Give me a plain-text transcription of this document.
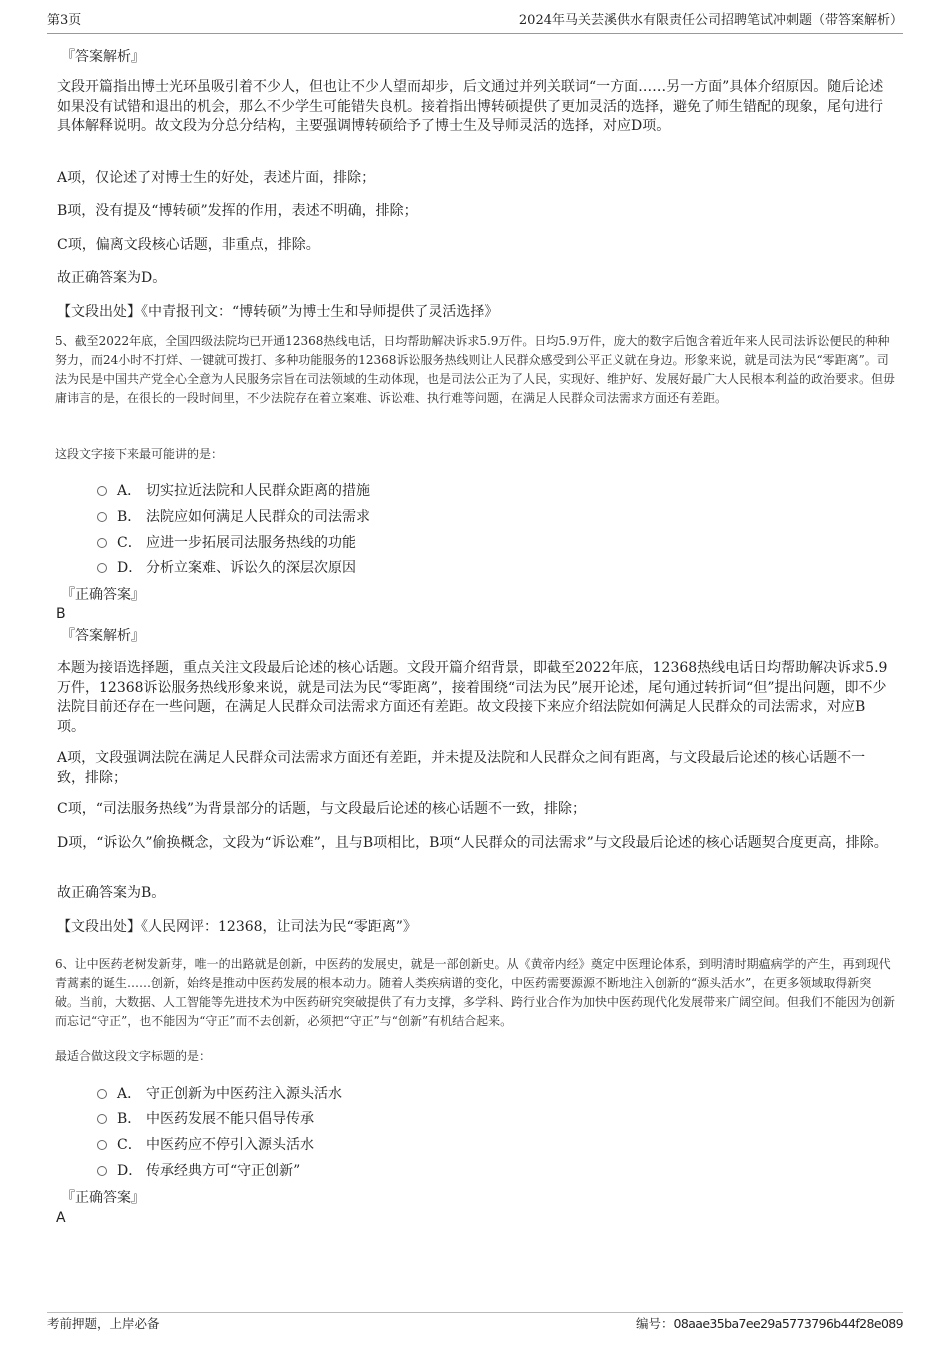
第3页	2024年马关芸溪供水有限责任公司招聘笔试冲刺题（带答案解析）

『答案解析』

文段开篇指出博士光环虽吸引着不少人，但也让不少人望而却步，后文通过并列关联词“一方面……另一方面”具体介绍原因。随后论述如果没有试错和退出的机会，那么不少学生可能错失良机。接着指出博转硕提供了更加灵活的选择，避免了师生错配的现象，尾句进行具体解释说明。故文段为分总分结构，主要强调博转硕给予了博士生及导师灵活的选择，对应D项。

A项，仅论述了对博士生的好处，表述片面，排除；

B项，没有提及“博转硕”发挥的作用，表述不明确，排除；

C项，偏离文段核心话题，非重点，排除。

故正确答案为D。

【文段出处】《中青报刊文：“博转硕”为博士生和导师提供了灵活选择》

5、截至2022年底，全国四级法院均已开通12368热线电话，日均帮助解决诉求5.9万件。日均5.9万件，庞大的数字后饱含着近年来人民司法诉讼便民的种种努力，而24小时不打烊、一键就可拨打、多种功能服务的12368诉讼服务热线则让人民群众感受到公平正义就在身边。形象来说，就是司法为民“零距离”。司法为民是中国共产党全心全意为人民服务宗旨在司法领域的生动体现，也是司法公正为了人民，实现好、维护好、发展好最广大人民根本利益的政治要求。但毋庸讳言的是，在很长的一段时间里，不少法院存在着立案难、诉讼难、执行难等问题，在满足人民群众司法需求方面还有差距。

这段文字接下来最可能讲的是：

A． 切实拉近法院和人民群众距离的措施
B． 法院应如何满足人民群众的司法需求
C． 应进一步拓展司法服务热线的功能
D． 分析立案难、诉讼久的深层次原因

『正确答案』

B

『答案解析』

本题为接语选择题，重点关注文段最后论述的核心话题。文段开篇介绍背景，即截至2022年底，12368热线电话日均帮助解决诉求5.9万件，12368诉讼服务热线形象来说，就是司法为民“零距离”，接着围绕“司法为民”展开论述，尾句通过转折词“但”提出问题，即不少法院目前还存在一些问题，在满足人民群众司法需求方面还有差距。故文段接下来应介绍法院如何满足人民群众的司法需求，对应B项。

A项，文段强调法院在满足人民群众司法需求方面还有差距，并未提及法院和人民群众之间有距离，与文段最后论述的核心话题不一致，排除；

C项，“司法服务热线”为背景部分的话题，与文段最后论述的核心话题不一致，排除；

D项，“诉讼久”偷换概念，文段为“诉讼难”，且与B项相比，B项“人民群众的司法需求”与文段最后论述的核心话题契合度更高，排除。

故正确答案为B。

【文段出处】《人民网评：12368，让司法为民“零距离”》

6、让中医药老树发新芽，唯一的出路就是创新，中医药的发展史，就是一部创新史。从《黄帝内经》奠定中医理论体系，到明清时期瘟病学的产生，再到现代青蒿素的诞生……创新，始终是推动中医药发展的根本动力。随着人类疾病谱的变化，中医药需要源源不断地注入创新的“源头活水”，在更多领域取得新突破。当前，大数据、人工智能等先进技术为中医药研究突破提供了有力支撑，多学科、跨行业合作为加快中医药现代化发展带来广阔空间。但我们不能因为创新而忘记“守正”，也不能因为“守正”而不去创新，必须把“守正”与“创新”有机结合起来。

最适合做这段文字标题的是：

A． 守正创新为中医药注入源头活水
B． 中医药发展不能只倡导传承
C． 中医药应不停引入源头活水
D． 传承经典方可“守正创新”

『正确答案』

A

考前押题，上岸必备	编号：08aae35ba7ee29a5773796b44f28e089
